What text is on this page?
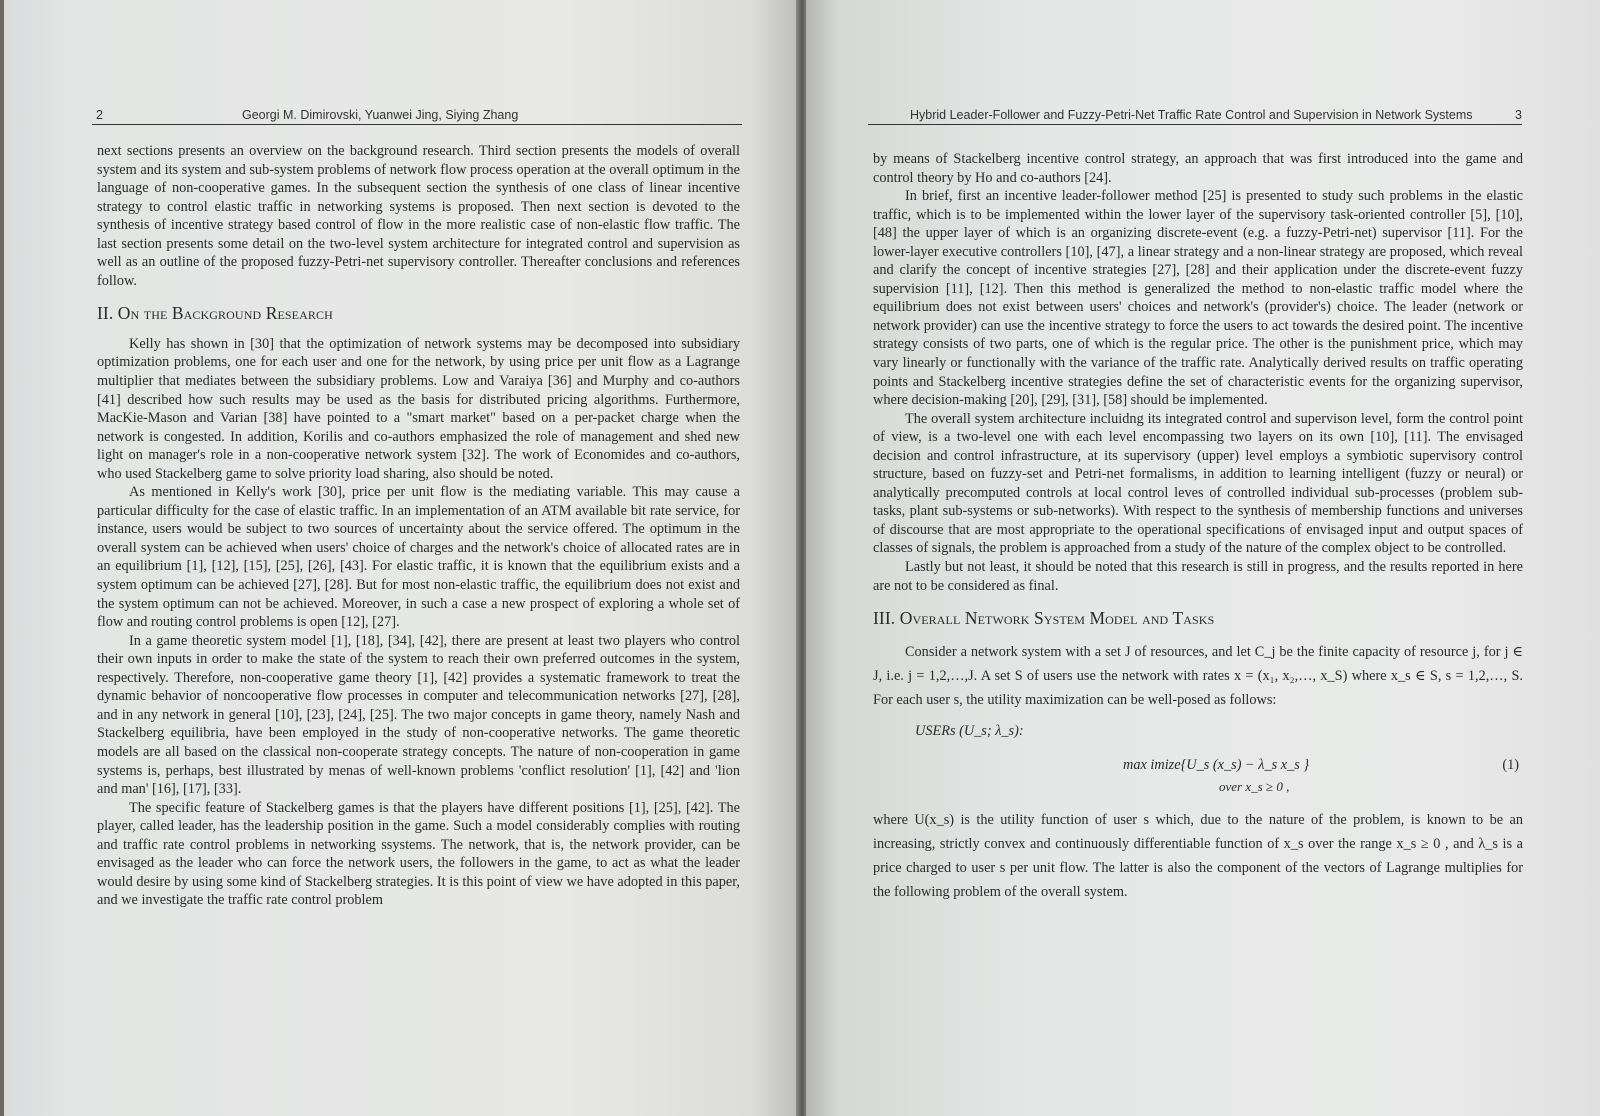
2	Georgi M. Dimirovski, Yuanwei Jing, Siying Zhang

next sections presents an overview on the background research. Third section presents the models of overall system and its system and sub-system problems of network flow process operation at the overall optimum in the language of non-cooperative games. In the subsequent section the synthesis of one class of linear incentive strategy to control elastic traffic in networking systems is proposed. Then next section is devoted to the synthesis of incentive strategy based control of flow in the more realistic case of non-elastic flow traffic. The last section presents some detail on the two-level system architecture for integrated control and supervision as well as an outline of the proposed fuzzy-Petri-net supervisory controller. Thereafter conclusions and references follow.

II. On the Background Research

Kelly has shown in [30] that the optimization of network systems may be decomposed into subsidiary optimization problems, one for each user and one for the network, by using price per unit flow as a Lagrange multiplier that mediates between the subsidiary problems. Low and Varaiya [36] and Murphy and co-authors [41] described how such results may be used as the basis for distributed pricing algorithms. Furthermore, MacKie-Mason and Varian [38] have pointed to a "smart market" based on a per-packet charge when the network is congested. In addition, Korilis and co-authors emphasized the role of management and shed new light on manager's role in a non-cooperative network system [32]. The work of Economides and co-authors, who used Stackelberg game to solve priority load sharing, also should be noted.

As mentioned in Kelly's work [30], price per unit flow is the mediating variable. This may cause a particular difficulty for the case of elastic traffic. In an implementation of an ATM available bit rate service, for instance, users would be subject to two sources of uncertainty about the service offered. The optimum in the overall system can be achieved when users' choice of charges and the network's choice of allocated rates are in an equilibrium [1], [12], [15], [25], [26], [43]. For elastic traffic, it is known that the equilibrium exists and a system optimum can be achieved [27], [28]. But for most non-elastic traffic, the equilibrium does not exist and the system optimum can not be achieved. Moreover, in such a case a new prospect of exploring a whole set of flow and routing control problems is open [12], [27].

In a game theoretic system model [1], [18], [34], [42], there are present at least two players who control their own inputs in order to make the state of the system to reach their own preferred outcomes in the system, respectively. Therefore, non-cooperative game theory [1], [42] provides a systematic framework to treat the dynamic behavior of noncooperative flow processes in computer and telecommunication networks [27], [28], and in any network in general [10], [23], [24], [25]. The two major concepts in game theory, namely Nash and Stackelberg equilibria, have been employed in the study of non-cooperative networks. The game theoretic models are all based on the classical non-cooperate strategy concepts. The nature of non-cooperation in game systems is, perhaps, best illustrated by menas of well-known problems 'conflict resolution' [1], [42] and 'lion and man' [16], [17], [33].

The specific feature of Stackelberg games is that the players have different positions [1], [25], [42]. The player, called leader, has the leadership position in the game. Such a model considerably complies with routing and traffic rate control problems in networking ssystems. The network, that is, the network provider, can be envisaged as the leader who can force the network users, the followers in the game, to act as what the leader would desire by using some kind of Stackelberg strategies. It is this point of view we have adopted in this paper, and we investigate the traffic rate control problem

Hybrid Leader-Follower and Fuzzy-Petri-Net Traffic Rate Control and Supervision in Network Systems	3

by means of Stackelberg incentive control strategy, an approach that was first introduced into the game and control theory by Ho and co-authors [24].

In brief, first an incentive leader-follower method [25] is presented to study such problems in the elastic traffic, which is to be implemented within the lower layer of the supervisory task-oriented controller [5], [10], [48] the upper layer of which is an organizing discrete-event (e.g. a fuzzy-Petri-net) supervisor [11]. For the lower-layer executive controllers [10], [47], a linear strategy and a non-linear strategy are proposed, which reveal and clarify the concept of incentive strategies [27], [28] and their application under the discrete-event fuzzy supervision [11], [12]. Then this method is generalized the method to non-elastic traffic model where the equilibrium does not exist between users' choices and network's (provider's) choice. The leader (network or network provider) can use the incentive strategy to force the users to act towards the desired point. The incentive strategy consists of two parts, one of which is the regular price. The other is the punishment price, which may vary linearly or functionally with the variance of the traffic rate. Analytically derived results on traffic operating points and Stackelberg incentive strategies define the set of characteristic events for the organizing supervisor, where decision-making [20], [29], [31], [58] should be implemented.

The overall system architecture incluidng its integrated control and supervison level, form the control point of view, is a two-level one with each level encompassing two layers on its own [10], [11]. The envisaged decision and control infrastructure, at its supervisory (upper) level employs a symbiotic supervisory control structure, based on fuzzy-set and Petri-net formalisms, in addition to learning intelligent (fuzzy or neural) or analytically precomputed controls at local control leves of controlled individual sub-processes (problem sub-tasks, plant sub-systems or sub-networks). With respect to the synthesis of membership functions and universes of discourse that are most appropriate to the operational specifications of envisaged input and output spaces of classes of signals, the problem is approached from a study of the nature of the complex object to be controlled.

Lastly but not least, it should be noted that this research is still in progress, and the results reported in here are not to be considered as final.

III. Overall Network System Model and Tasks

Consider a network system with a set J of resources, and let C_j be the finite capacity of resource j, for j ∈ J, i.e. j = 1,2,…,J. A set S of users use the network with rates x = (x₁, x₂,…, x_S) where x_s ∈ S, s = 1,2,…, S. For each user s, the utility maximization can be well-posed as follows:

USERs (U_s; λ_s):
max imize{U_s (x_s) − λ_s x_s }
over x_s ≥ 0 ,
(1)

where U(x_s) is the utility function of user s which, due to the nature of the problem, is known to be an increasing, strictly convex and continuously differentiable function of x_s over the range x_s ≥ 0 , and λ_s is a price charged to user s per unit flow. The latter is also the component of the vectors of Lagrange multiplies for the following problem of the overall system.
